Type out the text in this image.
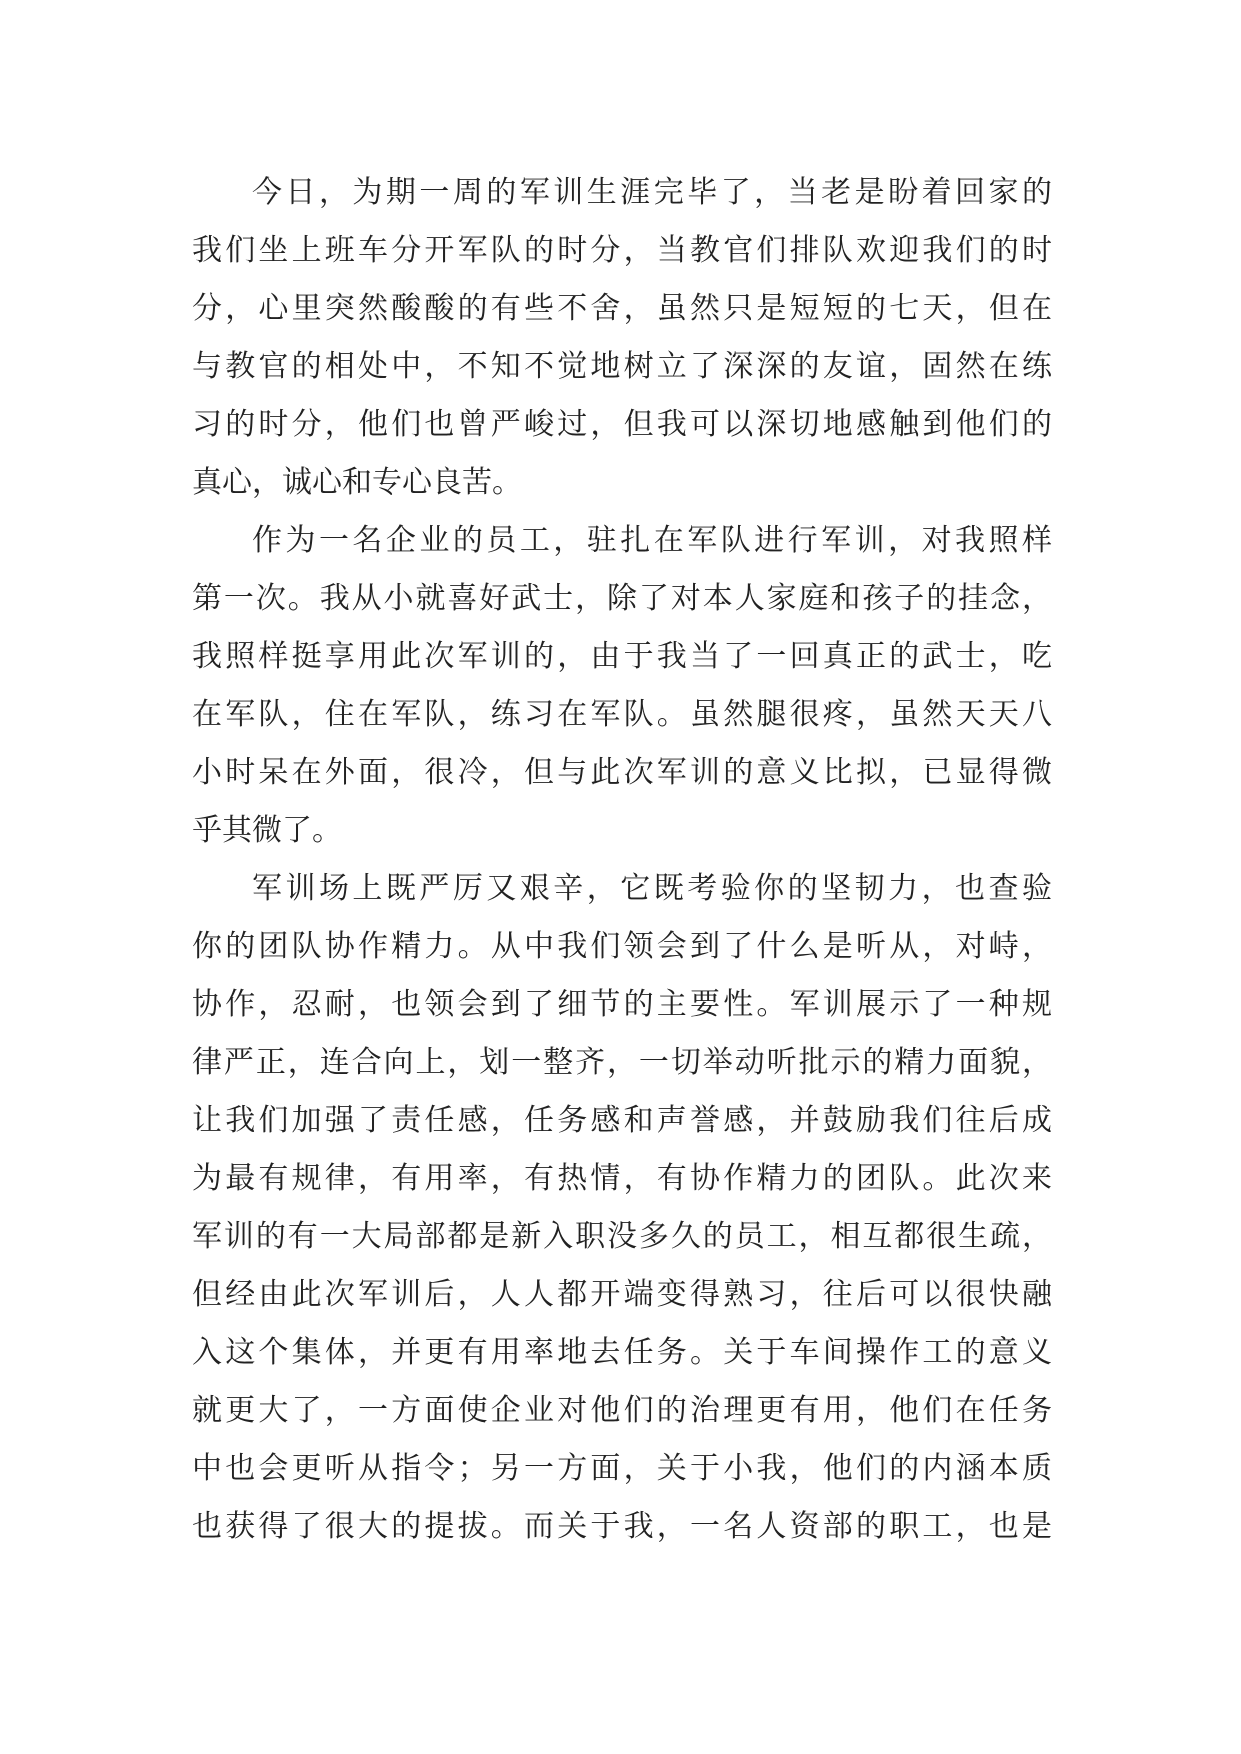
今日，为期一周的军训生涯完毕了，当老是盼着回家的
我们坐上班车分开军队的时分，当教官们排队欢迎我们的时
分，心里突然酸酸的有些不舍，虽然只是短短的七天，但在
与教官的相处中，不知不觉地树立了深深的友谊，固然在练
习的时分，他们也曾严峻过，但我可以深切地感触到他们的
真心，诚心和专心良苦。
作为一名企业的员工，驻扎在军队进行军训，对我照样
第一次。我从小就喜好武士，除了对本人家庭和孩子的挂念，
我照样挺享用此次军训的，由于我当了一回真正的武士，吃
在军队，住在军队，练习在军队。虽然腿很疼，虽然天天八
小时呆在外面，很冷，但与此次军训的意义比拟，已显得微
乎其微了。
军训场上既严厉又艰辛，它既考验你的坚韧力，也查验
你的团队协作精力。从中我们领会到了什么是听从，对峙，
协作，忍耐，也领会到了细节的主要性。军训展示了一种规
律严正，连合向上，划一整齐，一切举动听批示的精力面貌，
让我们加强了责任感，任务感和声誉感，并鼓励我们往后成
为最有规律，有用率，有热情，有协作精力的团队。此次来
军训的有一大局部都是新入职没多久的员工，相互都很生疏，
但经由此次军训后，人人都开端变得熟习，往后可以很快融
入这个集体，并更有用率地去任务。关于车间操作工的意义
就更大了，一方面使企业对他们的治理更有用，他们在任务
中也会更听从指令；另一方面，关于小我，他们的内涵本质
也获得了很大的提拔。而关于我，一名人资部的职工，也是
